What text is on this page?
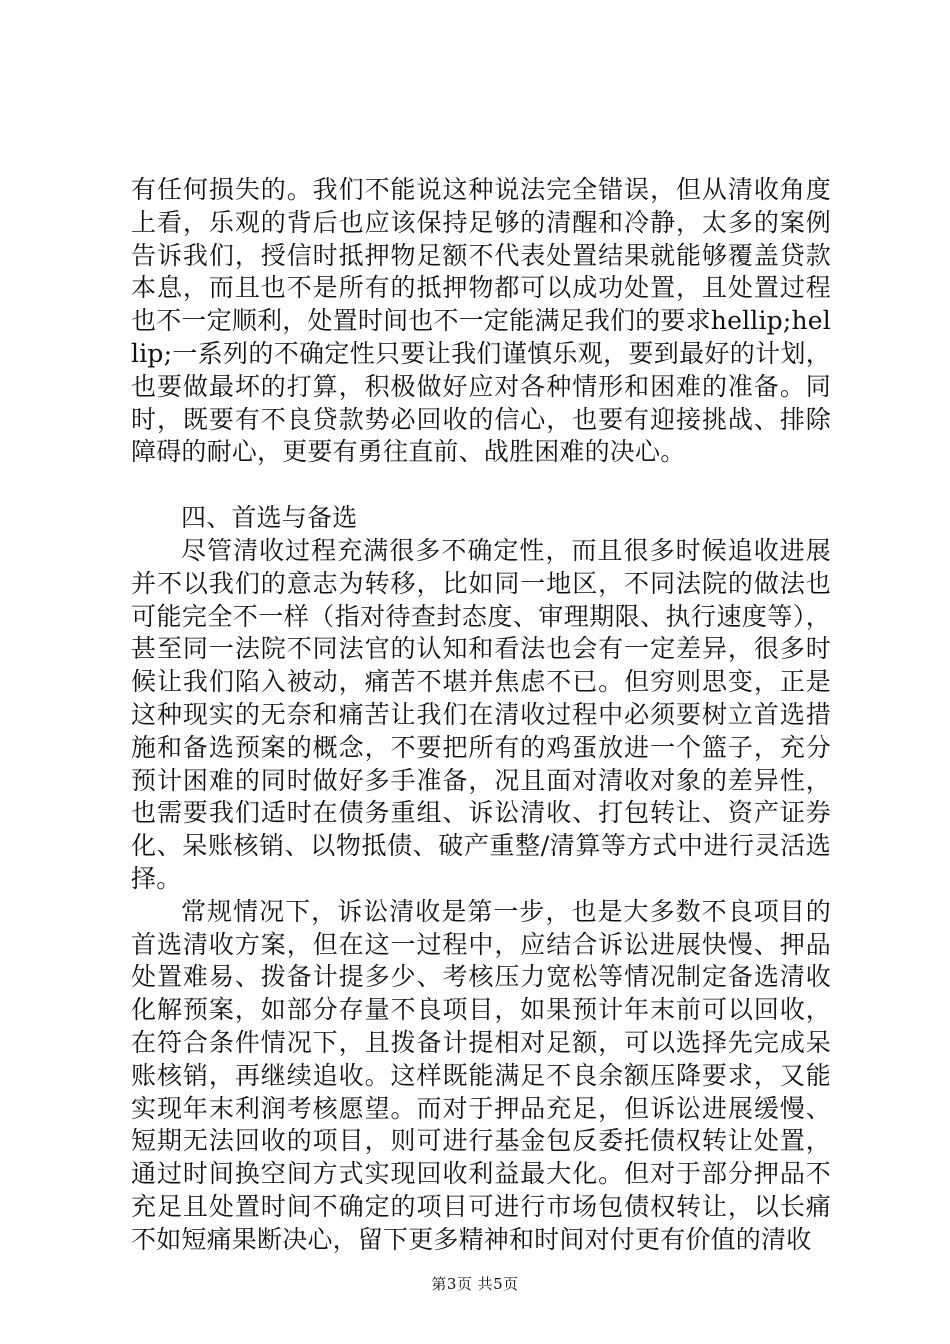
有任何损失的。我们不能说这种说法完全错误，但从清收角度上看，乐观的背后也应该保持足够的清醒和冷静，太多的案例告诉我们，授信时抵押物足额不代表处置结果就能够覆盖贷款本息，而且也不是所有的抵押物都可以成功处置，且处置过程也不一定顺利，处置时间也不一定能满足我们的要求hellip;hellip;一系列的不确定性只要让我们谨慎乐观，要到最好的计划，也要做最坏的打算，积极做好应对各种情形和困难的准备。同时，既要有不良贷款势必回收的信心，也要有迎接挑战、排除障碍的耐心，更要有勇往直前、战胜困难的决心。

四、首选与备选

尽管清收过程充满很多不确定性，而且很多时候追收进展并不以我们的意志为转移，比如同一地区，不同法院的做法也可能完全不一样（指对待查封态度、审理期限、执行速度等），甚至同一法院不同法官的认知和看法也会有一定差异，很多时候让我们陷入被动，痛苦不堪并焦虑不已。但穷则思变，正是这种现实的无奈和痛苦让我们在清收过程中必须要树立首选措施和备选预案的概念，不要把所有的鸡蛋放进一个篮子，充分预计困难的同时做好多手准备，况且面对清收对象的差异性，也需要我们适时在债务重组、诉讼清收、打包转让、资产证券化、呆账核销、以物抵债、破产重整/清算等方式中进行灵活选择。

常规情况下，诉讼清收是第一步，也是大多数不良项目的首选清收方案，但在这一过程中，应结合诉讼进展快慢、押品处置难易、拨备计提多少、考核压力宽松等情况制定备选清收化解预案，如部分存量不良项目，如果预计年末前可以回收，在符合条件情况下，且拨备计提相对足额，可以选择先完成呆账核销，再继续追收。这样既能满足不良余额压降要求，又能实现年末利润考核愿望。而对于押品充足，但诉讼进展缓慢、短期无法回收的项目，则可进行基金包反委托债权转让处置，通过时间换空间方式实现回收利益最大化。但对于部分押品不充足且处置时间不确定的项目可进行市场包债权转让，以长痛不如短痛果断决心，留下更多精神和时间对付更有价值的清收

第3页 共5页
